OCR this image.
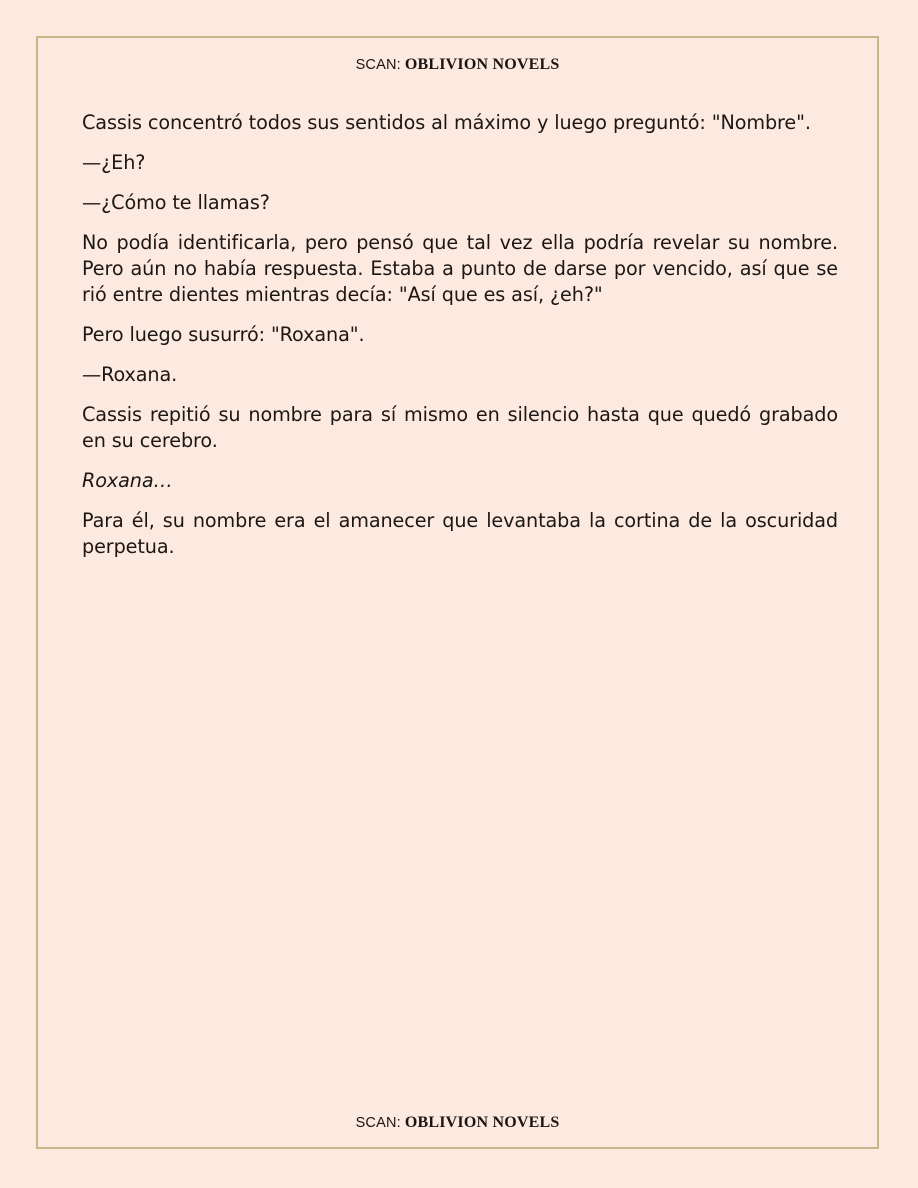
SCAN: OBLIVION NOVELS

Cassis concentró todos sus sentidos al máximo y luego preguntó: "Nombre".

—¿Eh?

—¿Cómo te llamas?

No podía identificarla, pero pensó que tal vez ella podría revelar su nombre. Pero aún no había respuesta. Estaba a punto de darse por vencido, así que se rió entre dientes mientras decía: "Así que es así, ¿eh?"

Pero luego susurró: "Roxana".

—Roxana.

Cassis repitió su nombre para sí mismo en silencio hasta que quedó grabado en su cerebro.

Roxana…

Para él, su nombre era el amanecer que levantaba la cortina de la oscuridad perpetua.

SCAN: OBLIVION NOVELS
